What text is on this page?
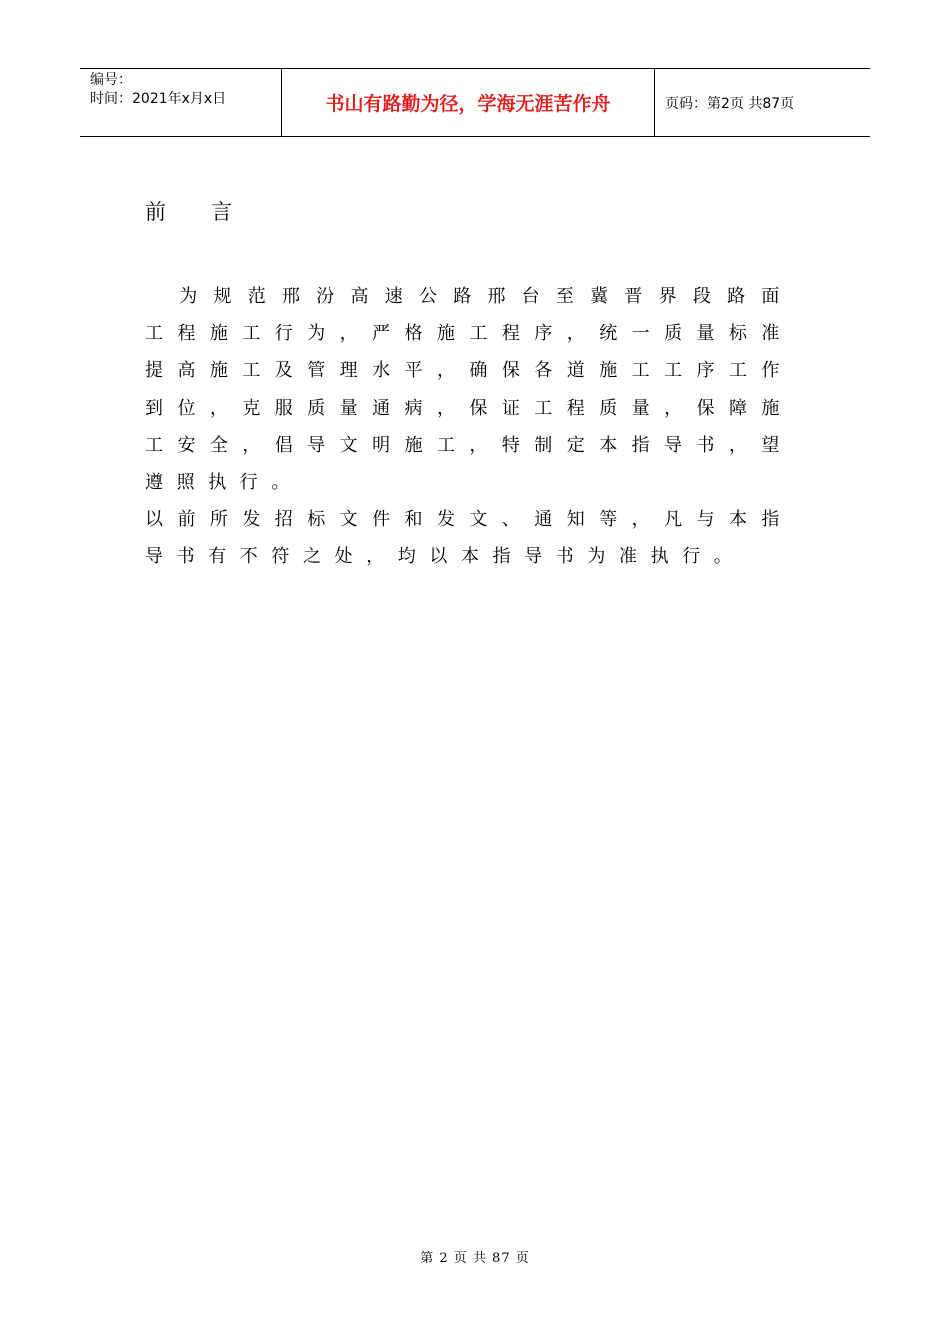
编号：
时间：2021年x月x日	书山有路勤为径，学海无涯苦作舟	页码：第2页 共87页
前 言

　为规范邢汾高速公路邢台至冀晋界段路面
工程施工行为，严格施工程序，统一质量标准
提高施工及管理水平，确保各道施工工序工作
到位，克服质量通病，保证工程质量，保障施
工安全，倡导文明施工，特制定本指导书，望
遵照执行。

以前所发招标文件和发文、通知等，凡与本指
导书有不符之处，均以本指导书为准执行。

第 2 页 共 87 页
